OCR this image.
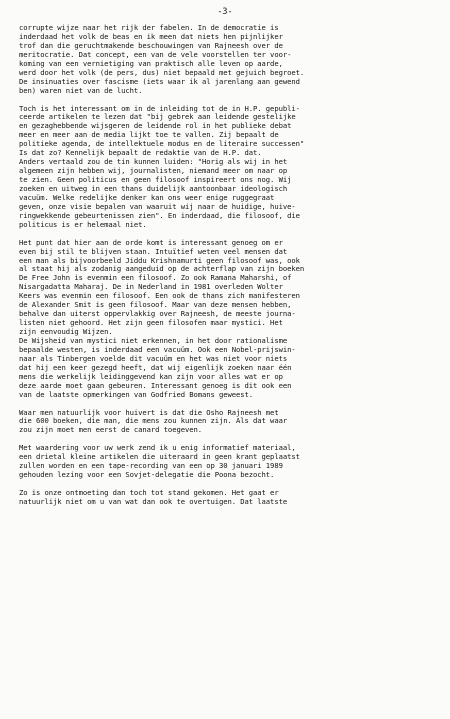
-3-
corrupte wijze naar het rijk der fabelen. In de democratie is
inderdaad het volk de beas en ik meen dat niets hen pijnlijker
trof dan die geruchtmakende beschouwingen van Rajneesh over de
meritocratie. Dat concept, een van de vele voorstellen ter voor-
koming van een vernietiging van praktisch alle leven op aarde,
werd door het volk (de pers, dus) niet bepaald met gejuich begroet.
De insinuaties over fascisme (iets waar ik al jarenlang aan gewend
ben) waren niet van de lucht.
Toch is het interessant om in de inleiding tot de in H.P. gepubli-
ceerde artikelen te lezen dat "bij gebrek aan leidende gestelijke
en gezaghebbende wijsgeren de leidende rol in het publieke debat
meer en meer aan de media lijkt toe te vallen. Zij bepaalt de
politieke agenda, de intellektuele modus en de literaire successen"
Is dat zo? Kennelijk bepaalt de redaktie van de H.P. dat.
Anders vertaald zou de tin kunnen luiden: "Horig als wij in het
algemeen zijn hebben wij, journalisten, niemand meer om naar op
te zien. Geen politicus en geen filosoof inspireert ons nog. Wij
zoeken en uitweg in een thans duidelijk aantoonbaar ideologisch
vacuüm. Welke redelijke denker kan ons weer enige ruggegraat
geven, onze visie bepalen van waaruit wij naar de huidige, huive-
ringwekkende gebeurtenissen zien". En inderdaad, die filosoof, die
politicus is er helemaal niet.
Het punt dat hier aan de orde komt is interessant genoeg om er
even bij stil te blijven staan. Intuïtief weten veel mensen dat
een man als bijvoorbeeld Jiddu Krishnamurti geen filosoof was, ook
al staat hij als zodanig aangeduid op de achterflap van zijn boeken
De Free John is evenmin een filosoof. Zo ook Ramana Maharshi, of
Nisargadatta Maharaj. De in Nederland in 1981 overleden Wolter
Keers was evenmin een filosoof. Een ook de thans zich manifesteren
de Alexander Smit is geen filosoof. Maar van deze mensen hebben,
behalve dan uiterst oppervlakkig over Rajneesh, de meeste journa-
listen niet gehoord. Het zijn geen filosofen maar mystici. Het
zijn eenvoudig Wijzen.
De Wijsheid van mystici niet erkennen, in het door rationalisme
bepaalde westen, is inderdaad een vacuüm. Ook een Nobel-prijswin-
naar als Tinbergen voelde dit vacuüm en het was niet voor niets
dat hij een keer gezegd heeft, dat wij eigenlijk zoeken naar één
mens die werkelijk leidinggevend kan zijn voor alles wat er op
deze aarde moet gaan gebeuren. Interessant genoeg is dit ook een
van de laatste opmerkingen van Godfried Bomans geweest.
Waar men natuurlijk voor huivert is dat die Osho Rajneesh met
die 600 boeken, die man, die mens zou kunnen zijn. Als dat waar
zou zijn moet men eerst de canard toegeven.
Met waardering voor uw werk zend ik u enig informatief materiaal,
een drietal kleine artikelen die uiteraard in geen krant geplaatst
zullen worden en een tape-recording van een op 30 januari 1989
gehouden lezing voor een Sovjet-delegatie die Poona bezocht.
Zo is onze ontmoeting dan toch tot stand gekomen. Het gaat er
natuurlijk niet om u van wat dan ook te overtuigen. Dat laatste
